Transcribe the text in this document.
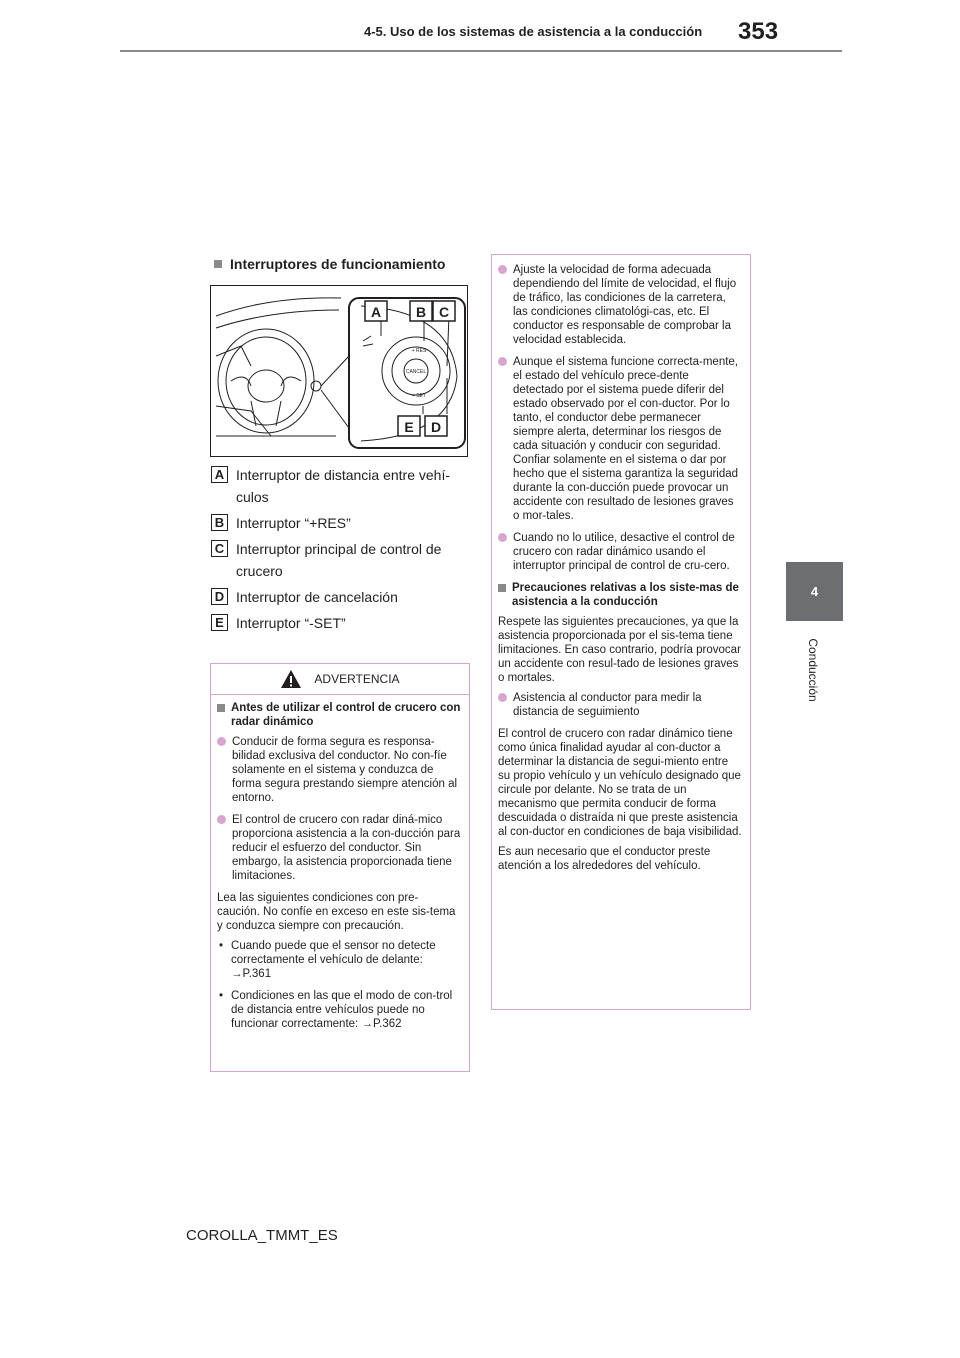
4-5. Uso de los sistemas de asistencia a la conducción 353
4
Conducción
Interruptores de funcionamiento
A B C
E D
+ RES
CANCEL
– SET
A Interruptor de distancia entre vehí-culos
B Interruptor “+RES”
C Interruptor principal de control de crucero
D Interruptor de cancelación
E Interruptor “-SET”
ADVERTENCIA
Antes de utilizar el control de crucero con radar dinámico
Conducir de forma segura es responsa-bilidad exclusiva del conductor. No con-fíe solamente en el sistema y conduzca de forma segura prestando siempre atención al entorno.
El control de crucero con radar diná-mico proporciona asistencia a la con-ducción para reducir el esfuerzo del conductor. Sin embargo, la asistencia proporcionada tiene limitaciones.
Lea las siguientes condiciones con pre-caución. No confíe en exceso en este sis-tema y conduzca siempre con precaución.
• Cuando puede que el sensor no detecte correctamente el vehículo de delante:
→P.361
• Condiciones en las que el modo de con-trol de distancia entre vehículos puede no funcionar correctamente: →P.362
Ajuste la velocidad de forma adecuada dependiendo del límite de velocidad, el flujo de tráfico, las condiciones de la carretera, las condiciones climatológi-cas, etc. El conductor es responsable de comprobar la velocidad establecida.
Aunque el sistema funcione correcta-mente, el estado del vehículo prece-dente detectado por el sistema puede diferir del estado observado por el con-ductor. Por lo tanto, el conductor debe permanecer siempre alerta, determinar los riesgos de cada situación y conducir con seguridad. Confiar solamente en el sistema o dar por hecho que el sistema garantiza la seguridad durante la con-ducción puede provocar un accidente con resultado de lesiones graves o mor-tales.
Cuando no lo utilice, desactive el control de crucero con radar dinámico usando el interruptor principal de control de cru-cero.
Precauciones relativas a los siste-mas de asistencia a la conducción
Respete las siguientes precauciones, ya que la asistencia proporcionada por el sis-tema tiene limitaciones. En caso contrario, podría provocar un accidente con resul-tado de lesiones graves o mortales.
Asistencia al conductor para medir la distancia de seguimiento
El control de crucero con radar dinámico tiene como única finalidad ayudar al con-ductor a determinar la distancia de segui-miento entre su propio vehículo y un vehículo designado que circule por delante. No se trata de un mecanismo que permita conducir de forma descuidada o distraída ni que preste asistencia al con-ductor en condiciones de baja visibilidad.
Es aun necesario que el conductor preste atención a los alrededores del vehículo.
COROLLA_TMMT_ES
